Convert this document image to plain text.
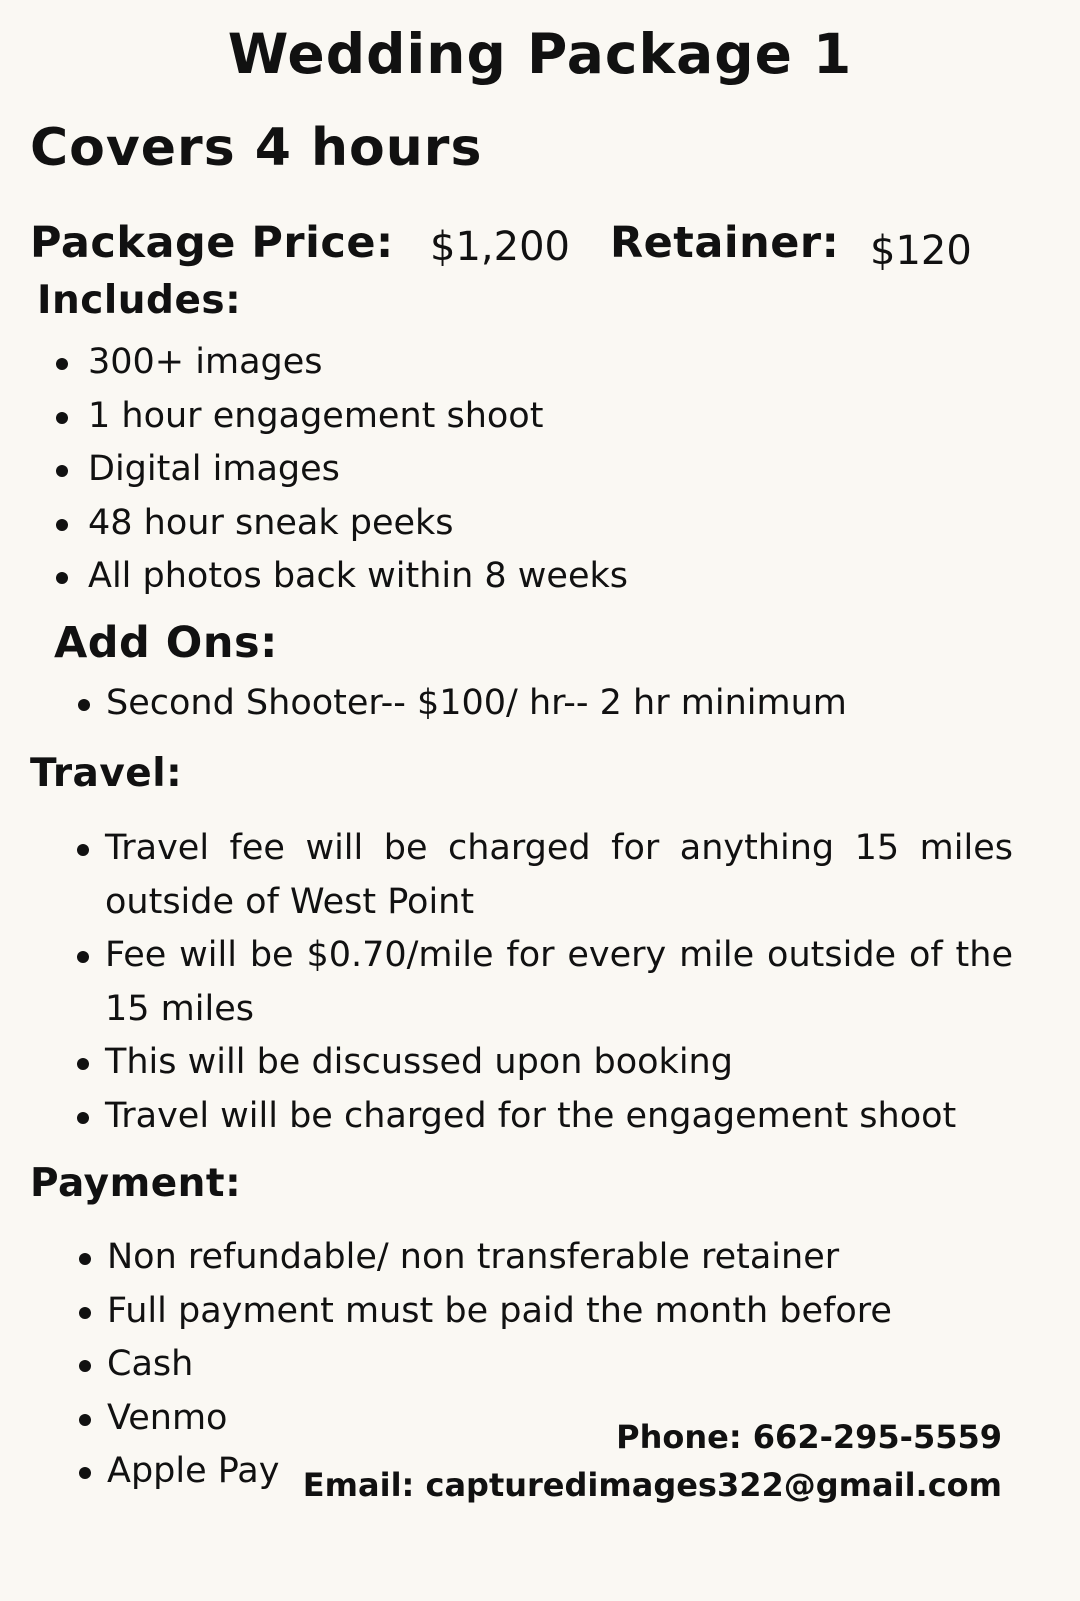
Wedding Package 1
Covers 4 hours
Package Price: $1,200 Retainer: $120
Includes:
300+ images
1 hour engagement shoot
Digital images
48 hour sneak peeks
All photos back within 8 weeks
Add Ons:
Second Shooter-- $100/ hr-- 2 hr minimum
Travel:
Travel fee will be charged for anything 15 miles outside of West Point
Fee will be $0.70/mile for every mile outside of the 15 miles
This will be discussed upon booking
Travel will be charged for the engagement shoot
Payment:
Non refundable/ non transferable retainer
Full payment must be paid the month before
Cash
Venmo
Apple Pay
Phone: 662-295-5559
Email: capturedimages322@gmail.com
